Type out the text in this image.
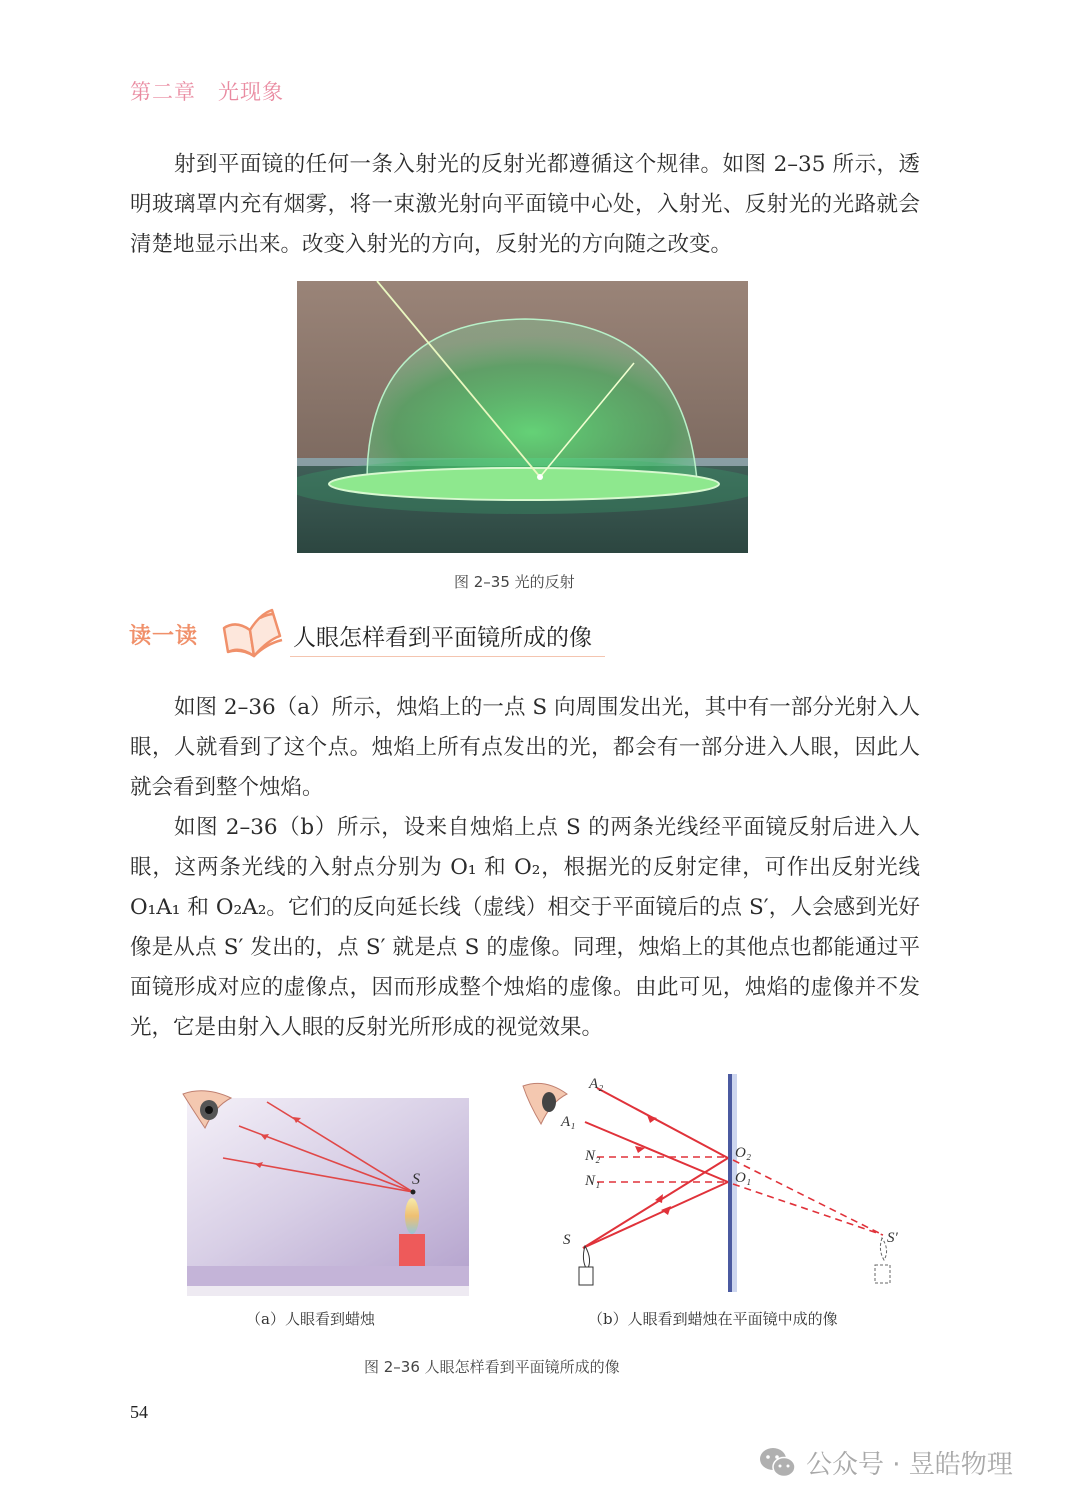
第二章 光现象

射到平面镜的任何一条入射光的反射光都遵循这个规律。如图 2–35 所示，透明玻璃罩内充有烟雾，将一束激光射向平面镜中心处，入射光、反射光的光路就会清楚地显示出来。改变入射光的方向，反射光的方向随之改变。

图 2–35 光的反射
读一读	人眼怎样看到平面镜所成的像

如图 2–36（a）所示，烛焰上的一点 S 向周围发出光，其中有一部分光射入人眼，人就看到了这个点。烛焰上所有点发出的光，都会有一部分进入人眼，因此人就会看到整个烛焰。

如图 2–36（b）所示，设来自烛焰上点 S 的两条光线经平面镜反射后进入人眼，这两条光线的入射点分别为 O₁ 和 O₂，根据光的反射定律，可作出反射光线 O₁A₁ 和 O₂A₂。它们的反向延长线（虚线）相交于平面镜后的点 S′，人会感到光好像是从点 S′ 发出的，点 S′ 就是点 S 的虚像。同理，烛焰上的其他点也都能通过平面镜形成对应的虚像点，因而形成整个烛焰的虚像。由此可见，烛焰的虚像并不发光，它是由射入人眼的反射光所形成的视觉效果。

S
A₂
A₁
N₂
N₁
O₂
O₁
S	S′
（a）人眼看到蜡烛	（b）人眼看到蜡烛在平面镜中成的像
图 2–36 人眼怎样看到平面镜所成的像
54
公众号 · 昱皓物理
